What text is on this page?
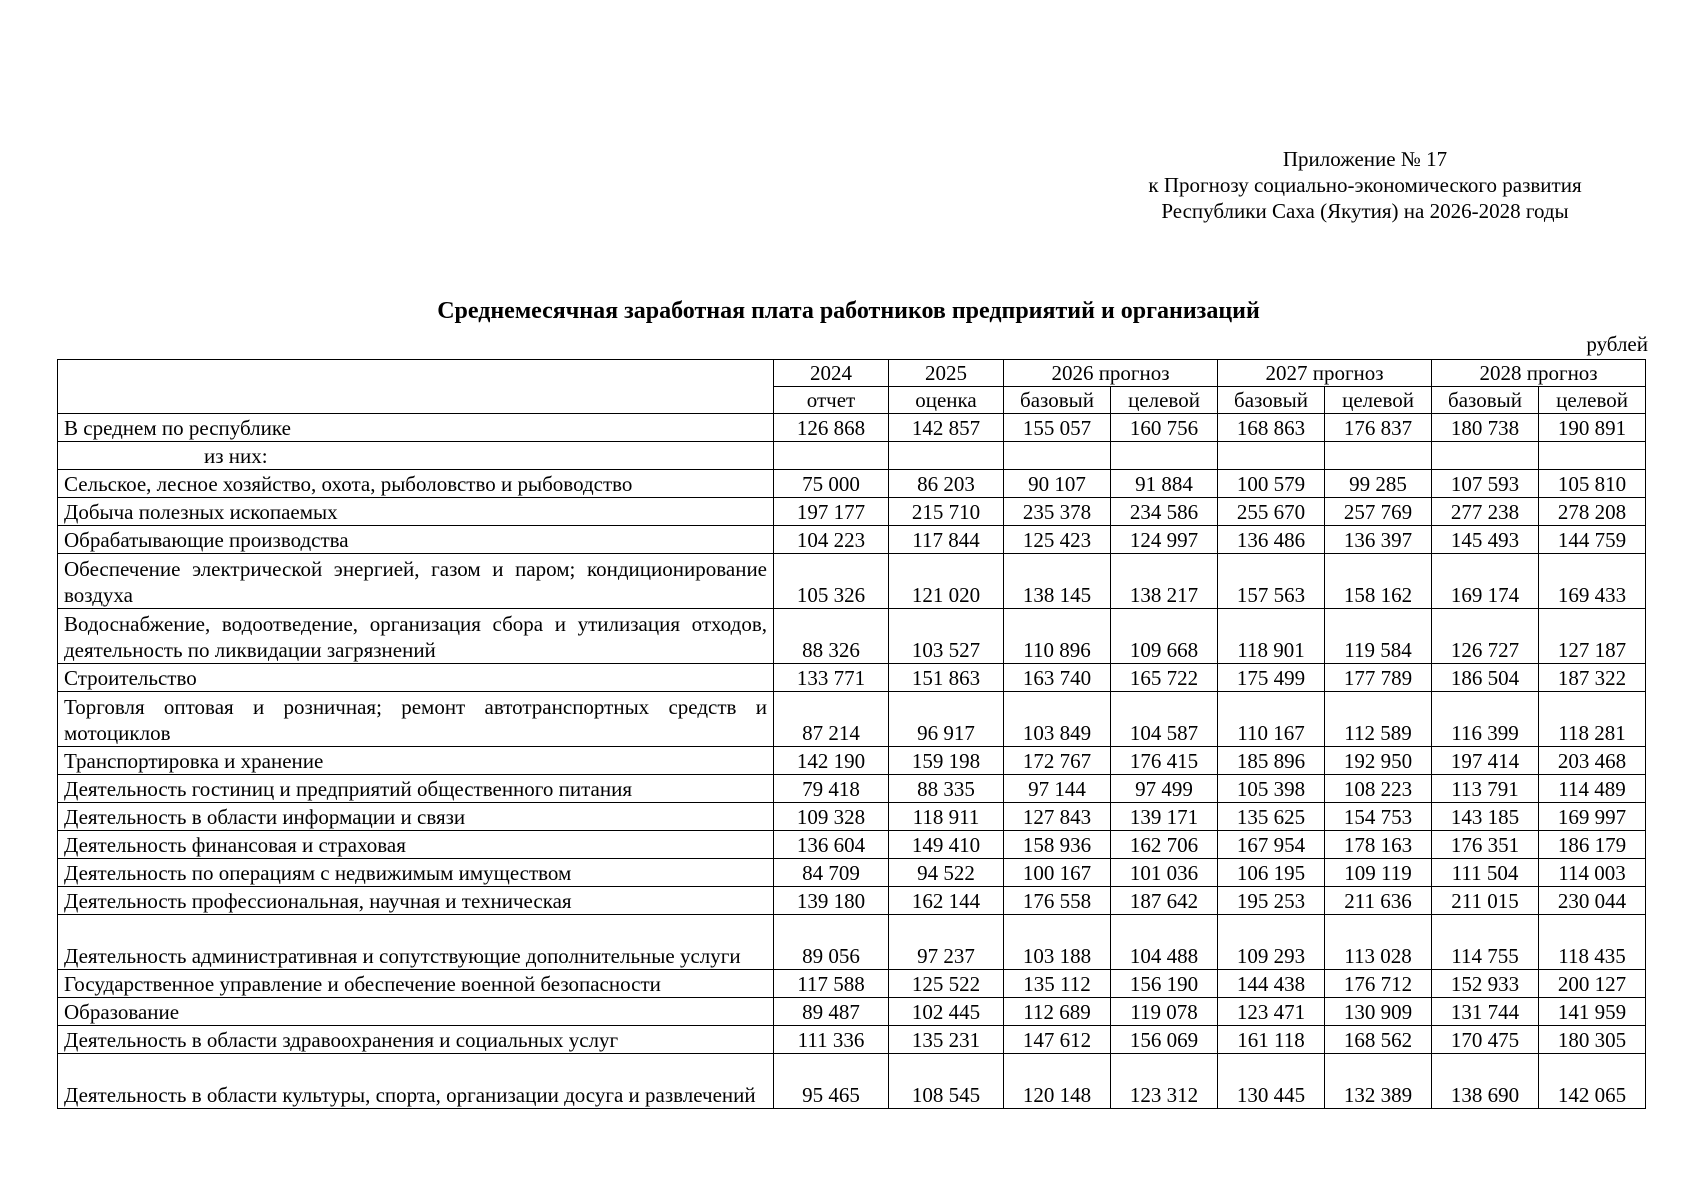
Приложение № 17
к Прогнозу социально-экономического развития
Республики Саха (Якутия) на 2026-2028 годы
Среднемесячная заработная плата работников предприятий и организаций
рублей
	2024	2025	2026 прогноз		2027 прогноз		2028 прогноз	
	отчет	оценка	базовый	целевой	базовый	целевой	базовый	целевой
В среднем по республике	126 868	142 857	155 057	160 756	168 863	176 837	180 738	190 891
из них:								
Сельское, лесное хозяйство, охота, рыболовство и рыбоводство	75 000	86 203	90 107	91 884	100 579	99 285	107 593	105 810
Добыча полезных ископаемых	197 177	215 710	235 378	234 586	255 670	257 769	277 238	278 208
Обрабатывающие производства	104 223	117 844	125 423	124 997	136 486	136 397	145 493	144 759
Обеспечение электрической энергией, газом и паром; кондиционирование воздуха	105 326	121 020	138 145	138 217	157 563	158 162	169 174	169 433
Водоснабжение, водоотведение, организация сбора и утилизация отходов, деятельность по ликвидации загрязнений	88 326	103 527	110 896	109 668	118 901	119 584	126 727	127 187
Строительство	133 771	151 863	163 740	165 722	175 499	177 789	186 504	187 322
Торговля оптовая и розничная; ремонт автотранспортных средств и мотоциклов	87 214	96 917	103 849	104 587	110 167	112 589	116 399	118 281
Транспортировка и хранение	142 190	159 198	172 767	176 415	185 896	192 950	197 414	203 468
Деятельность гостиниц и предприятий общественного питания	79 418	88 335	97 144	97 499	105 398	108 223	113 791	114 489
Деятельность в области информации и связи	109 328	118 911	127 843	139 171	135 625	154 753	143 185	169 997
Деятельность финансовая и страховая	136 604	149 410	158 936	162 706	167 954	178 163	176 351	186 179
Деятельность по операциям с недвижимым имуществом	84 709	94 522	100 167	101 036	106 195	109 119	111 504	114 003
Деятельность профессиональная, научная и техническая	139 180	162 144	176 558	187 642	195 253	211 636	211 015	230 044
Деятельность административная и сопутствующие дополнительные услуги	89 056	97 237	103 188	104 488	109 293	113 028	114 755	118 435
Государственное управление и обеспечение военной безопасности	117 588	125 522	135 112	156 190	144 438	176 712	152 933	200 127
Образование	89 487	102 445	112 689	119 078	123 471	130 909	131 744	141 959
Деятельность в области здравоохранения и социальных услуг	111 336	135 231	147 612	156 069	161 118	168 562	170 475	180 305
Деятельность в области культуры, спорта, организации досуга и развлечений	95 465	108 545	120 148	123 312	130 445	132 389	138 690	142 065
